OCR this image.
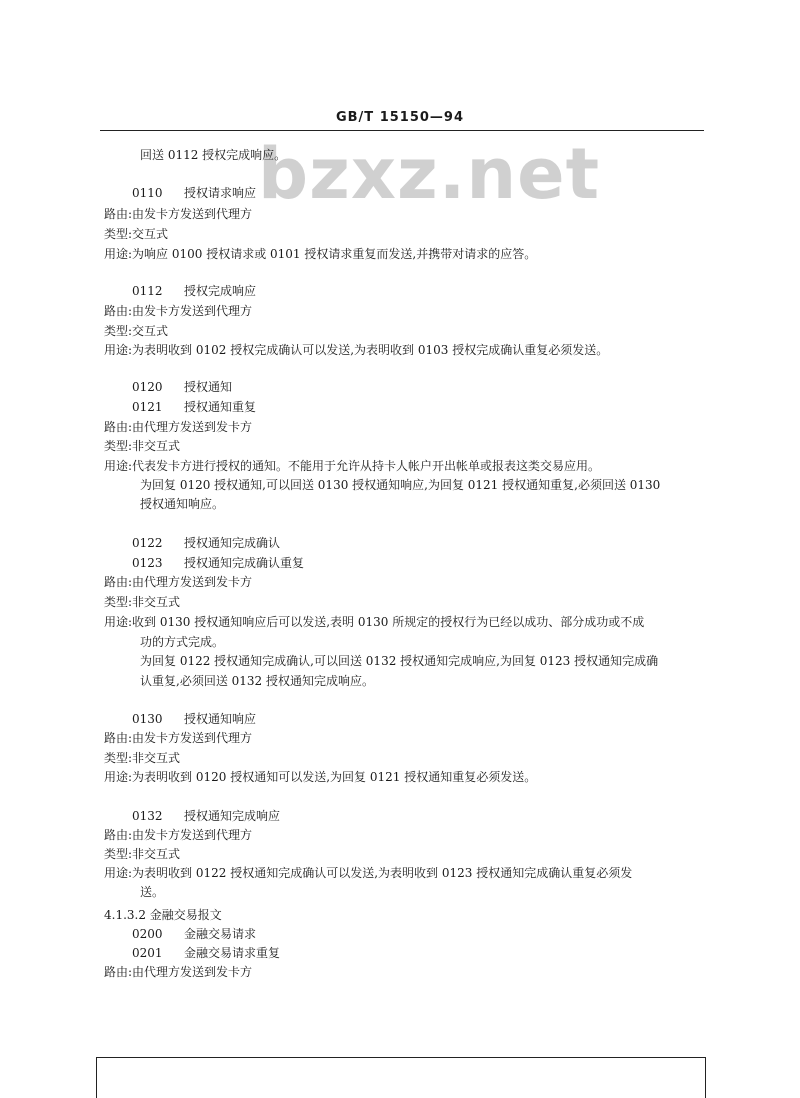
GB/T 15150—94
bzxz.net
回送 0112 授权完成响应。
0110 授权请求响应
路由:由发卡方发送到代理方
类型:交互式
用途:为响应 0100 授权请求或 0101 授权请求重复而发送,并携带对请求的应答。
0112 授权完成响应
路由:由发卡方发送到代理方
类型:交互式
用途:为表明收到 0102 授权完成确认可以发送,为表明收到 0103 授权完成确认重复必须发送。
0120 授权通知
0121 授权通知重复
路由:由代理方发送到发卡方
类型:非交互式
用途:代表发卡方进行授权的通知。不能用于允许从持卡人帐户开出帐单或报表这类交易应用。
为回复 0120 授权通知,可以回送 0130 授权通知响应,为回复 0121 授权通知重复,必须回送 0130
授权通知响应。
0122 授权通知完成确认
0123 授权通知完成确认重复
路由:由代理方发送到发卡方
类型:非交互式
用途:收到 0130 授权通知响应后可以发送,表明 0130 所规定的授权行为已经以成功、部分成功或不成
功的方式完成。
为回复 0122 授权通知完成确认,可以回送 0132 授权通知完成响应,为回复 0123 授权通知完成确
认重复,必须回送 0132 授权通知完成响应。
0130 授权通知响应
路由:由发卡方发送到代理方
类型:非交互式
用途:为表明收到 0120 授权通知可以发送,为回复 0121 授权通知重复必须发送。
0132 授权通知完成响应
路由:由发卡方发送到代理方
类型:非交互式
用途:为表明收到 0122 授权通知完成确认可以发送,为表明收到 0123 授权通知完成确认重复必须发
送。
4.1.3.2 金融交易报文
0200 金融交易请求
0201 金融交易请求重复
路由:由代理方发送到发卡方
